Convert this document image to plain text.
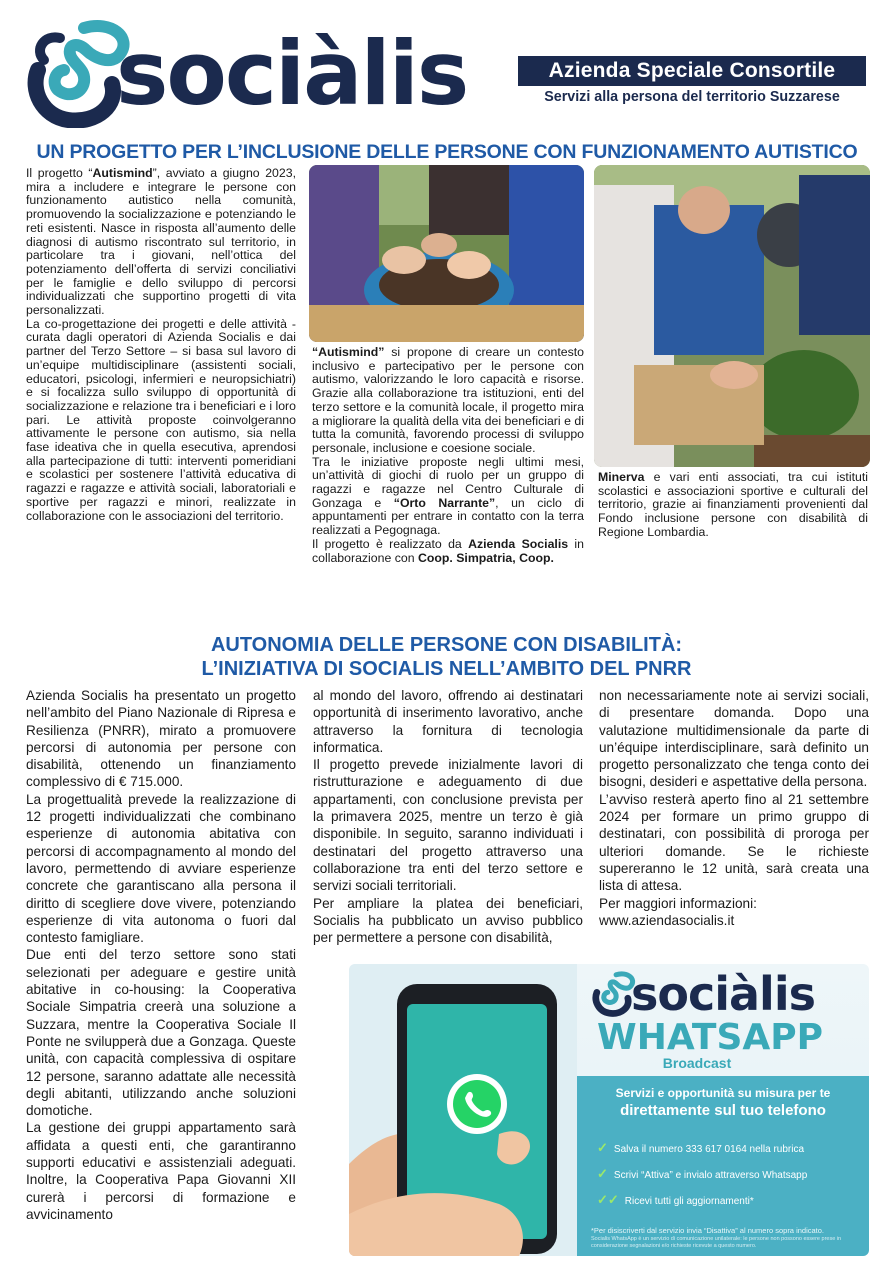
sociàlis	Azienda Speciale Consortile
Servizi alla persona del territorio Suzzarese
UN PROGETTO PER L’INCLUSIONE DELLE PERSONE CON FUNZIONAMENTO AUTISTICO

Il progetto “Autismind”, avviato a giugno 2023, mira a includere e integrare le persone con funzionamento autistico nella comunità, promuovendo la socializzazione e potenziando le reti esistenti. Nasce in risposta all’aumento delle diagnosi di autismo riscontrato sul territorio, in particolare tra i giovani, nell’ottica del potenziamento dell’offerta di servizi conciliativi per le famiglie e dello sviluppo di percorsi individualizzati che supportino progetti di vita personalizzati.

La co-progettazione dei progetti e delle attività - curata dagli operatori di Azienda Socialis e dai partner del Terzo Settore – si basa sul lavoro di un’equipe multidisciplinare (assistenti sociali, educatori, psicologi, infermieri e neuropsichiatri) e si focalizza sullo sviluppo di opportunità di socializzazione e relazione tra i beneficiari e i loro pari. Le attività proposte coinvolgeranno attivamente le persone con autismo, sia nella fase ideativa che in quella esecutiva, aprendosi alla partecipazione di tutti: interventi pomeridiani e scolastici per sostenere l’attività educativa di ragazzi e ragazze e attività sociali, laboratoriali e sportive per ragazzi e minori, realizzate in collaborazione con le associazioni del territorio.

“Autismind” si propone di creare un contesto inclusivo e partecipativo per le persone con autismo, valorizzando le loro capacità e risorse. Grazie alla collaborazione tra istituzioni, enti del terzo settore e la comunità locale, il progetto mira a migliorare la qualità della vita dei beneficiari e di tutta la comunità, favorendo processi di sviluppo personale, inclusione e coesione sociale.

Tra le iniziative proposte negli ultimi mesi, un’attività di giochi di ruolo per un gruppo di ragazzi e ragazze nel Centro Culturale di Gonzaga e “Orto Narrante”, un ciclo di appuntamenti per entrare in contatto con la terra realizzati a Pegognaga.

Il progetto è realizzato da Azienda Socialis in collaborazione con Coop. Simpatria, Coop.

Minerva e vari enti associati, tra cui istituti scolastici e associazioni sportive e culturali del territorio, grazie ai finanziamenti provenienti dal Fondo inclusione persone con disabilità di Regione Lombardia.

AUTONOMIA DELLE PERSONE CON DISABILITÀ:
L’INIZIATIVA DI SOCIALIS NELL’AMBITO DEL PNRR

Azienda Socialis ha presentato un progetto nell’ambito del Piano Nazionale di Ripresa e Resilienza (PNRR), mirato a promuovere percorsi di autonomia per persone con disabilità, ottenendo un finanziamento complessivo di € 715.000.

La progettualità prevede la realizzazione di 12 progetti individualizzati che combinano esperienze di autonomia abitativa con percorsi di accompagnamento al mondo del lavoro, permettendo di avviare esperienze concrete che garantiscano alla persona il diritto di scegliere dove vivere, potenziando esperienze di vita autonoma o fuori dal contesto famigliare.

Due enti del terzo settore sono stati selezionati per adeguare e gestire unità abitative in co-housing: la Cooperativa Sociale Simpatria creerà una soluzione a Suzzara, mentre la Cooperativa Sociale Il Ponte ne svilupperà due a Gonzaga. Queste unità, con capacità complessiva di ospitare 12 persone, saranno adattate alle necessità degli abitanti, utilizzando anche soluzioni domotiche.

La gestione dei gruppi appartamento sarà affidata a questi enti, che garantiranno supporti educativi e assistenziali adeguati. Inoltre, la Cooperativa Papa Giovanni XII curerà i percorsi di formazione e avvicinamento

al mondo del lavoro, offrendo ai destinatari opportunità di inserimento lavorativo, anche attraverso la fornitura di tecnologia informatica.

Il progetto prevede inizialmente lavori di ristrutturazione e adeguamento di due appartamenti, con conclusione prevista per la primavera 2025, mentre un terzo è già disponibile. In seguito, saranno individuati i destinatari del progetto attraverso una collaborazione tra enti del terzo settore e servizi sociali territoriali.

Per ampliare la platea dei beneficiari, Socialis ha pubblicato un avviso pubblico per permettere a persone con disabilità,

non necessariamente note ai servizi sociali, di presentare domanda. Dopo una valutazione multidimensionale da parte di un’équipe interdisciplinare, sarà definito un progetto personalizzato che tenga conto dei bisogni, desideri e aspettative della persona.

L’avviso resterà aperto fino al 21 settembre 2024 per formare un primo gruppo di destinatari, con possibilità di proroga per ulteriori domande. Se le richieste supereranno le 12 unità, sarà creata una lista di attesa.

Per maggiori informazioni:

www.aziendasocialis.it

sociàlis
WHATSAPP
Broadcast
Servizi e opportunità su misura per te
direttamente sul tuo telefono
✓ Salva il numero 333 617 0164 nella rubrica
✓ Scrivi “Attiva” e invialo attraverso Whatsapp
✓✓ Ricevi tutti gli aggiornamenti*
*Per disiscriverti dal servizio invia “Disattiva” al numero sopra indicato.
Socialis WhatsApp è un servizio di comunicazione unilaterale: le persone non possono essere prese in considerazione segnalazioni e/o richieste ricevute a questo numero.
